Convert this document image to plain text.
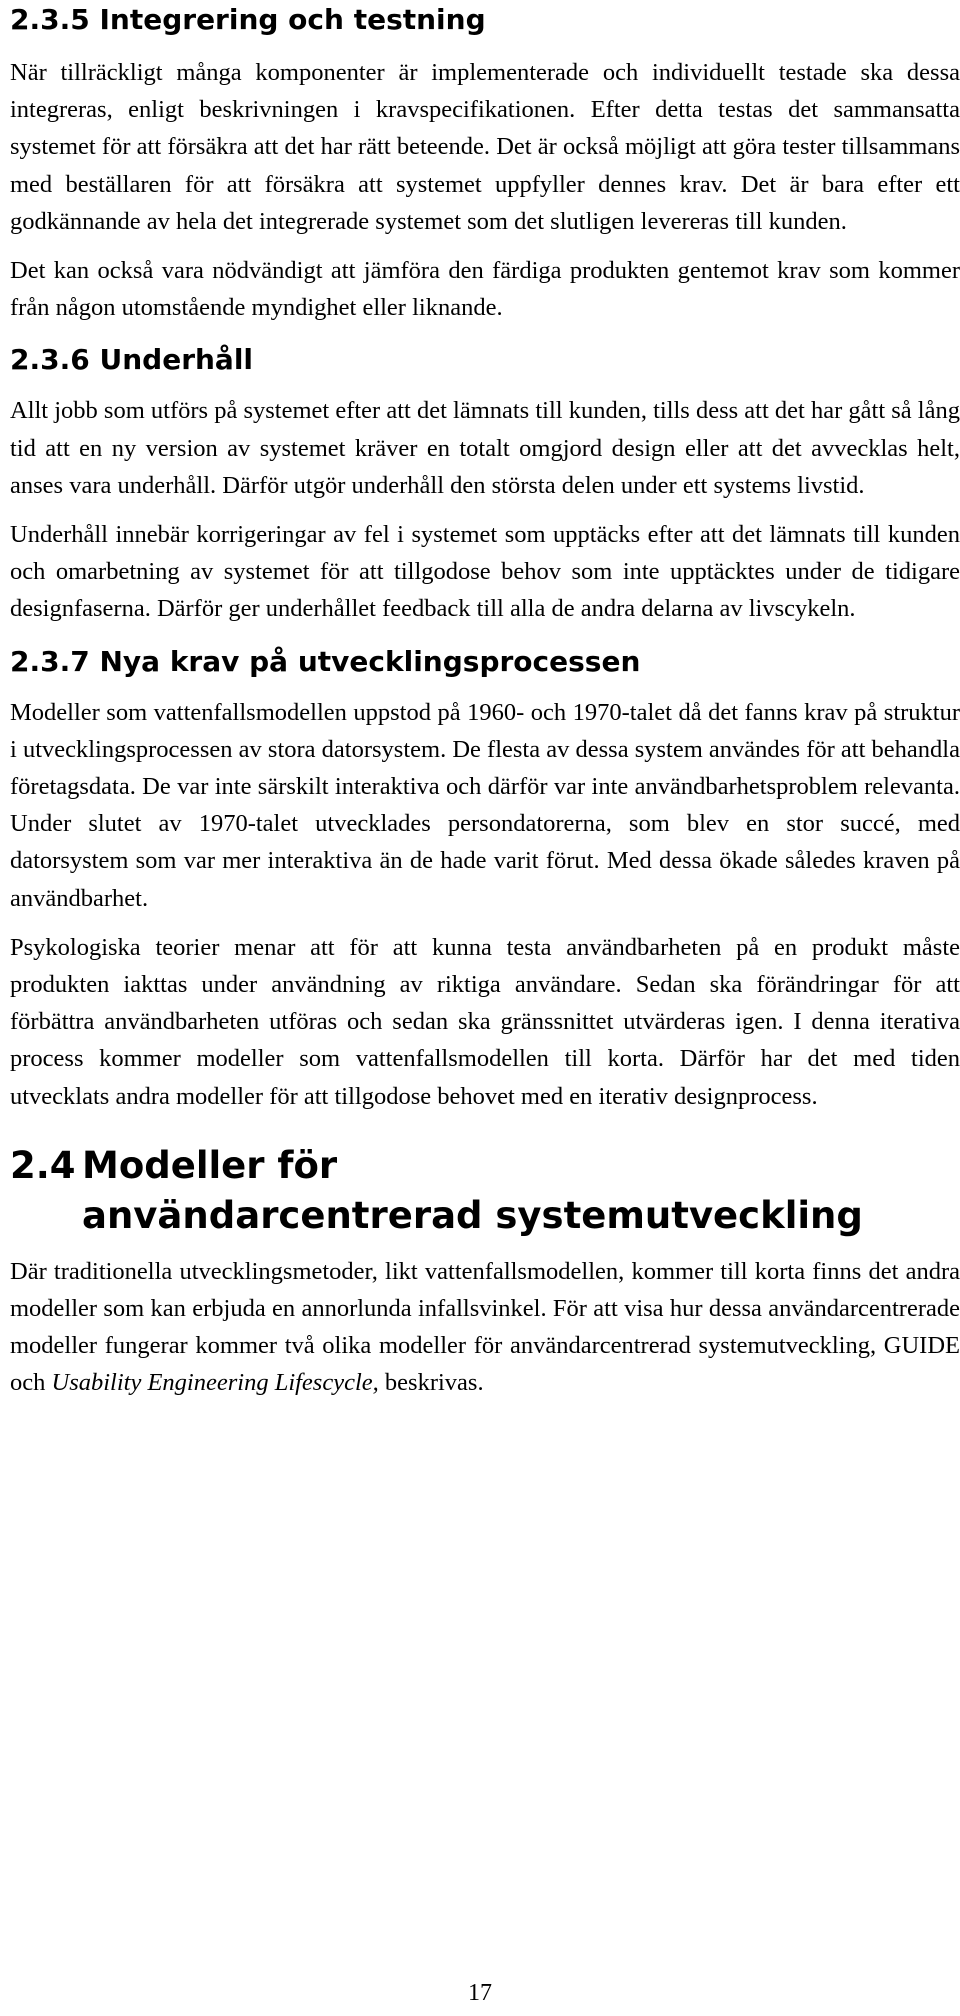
2.3.5 Integrering och testning

När tillräckligt många komponenter är implementerade och individuellt testade ska dessa integreras, enligt beskrivningen i kravspecifikationen. Efter detta testas det sammansatta systemet för att försäkra att det har rätt beteende. Det är också möjligt att göra tester tillsammans med beställaren för att försäkra att systemet uppfyller dennes krav. Det är bara efter ett godkännande av hela det integrerade systemet som det slutligen levereras till kunden.

Det kan också vara nödvändigt att jämföra den färdiga produkten gentemot krav som kommer från någon utomstående myndighet eller liknande.

2.3.6 Underhåll

Allt jobb som utförs på systemet efter att det lämnats till kunden, tills dess att det har gått så lång tid att en ny version av systemet kräver en totalt omgjord design eller att det avvecklas helt, anses vara underhåll. Därför utgör underhåll den största delen under ett systems livstid.

Underhåll innebär korrigeringar av fel i systemet som upptäcks efter att det lämnats till kunden och omarbetning av systemet för att tillgodose behov som inte upptäcktes under de tidigare designfaserna. Därför ger underhållet feedback till alla de andra delarna av livscykeln.

2.3.7 Nya krav på utvecklingsprocessen

Modeller som vattenfallsmodellen uppstod på 1960- och 1970-talet då det fanns krav på struktur i utvecklingsprocessen av stora datorsystem. De flesta av dessa system användes för att behandla företagsdata. De var inte särskilt interaktiva och därför var inte användbarhetsproblem relevanta. Under slutet av 1970-talet utvecklades persondatorerna, som blev en stor succé, med datorsystem som var mer interaktiva än de hade varit förut. Med dessa ökade således kraven på användbarhet.

Psykologiska teorier menar att för att kunna testa användbarheten på en produkt måste produkten iakttas under användning av riktiga användare. Sedan ska förändringar för att förbättra användbarheten utföras och sedan ska gränssnittet utvärderas igen. I denna iterativa process kommer modeller som vattenfallsmodellen till korta. Därför har det med tiden utvecklats andra modeller för att tillgodose behovet med en iterativ designprocess.

2.4 Modeller för
användarcentrerad systemutveckling

Där traditionella utvecklingsmetoder, likt vattenfallsmodellen, kommer till korta finns det andra modeller som kan erbjuda en annorlunda infallsvinkel. För att visa hur dessa användarcentrerade modeller fungerar kommer två olika modeller för användarcentrerad systemutveckling, GUIDE och Usability Engineering Lifescycle, beskrivas.

17
